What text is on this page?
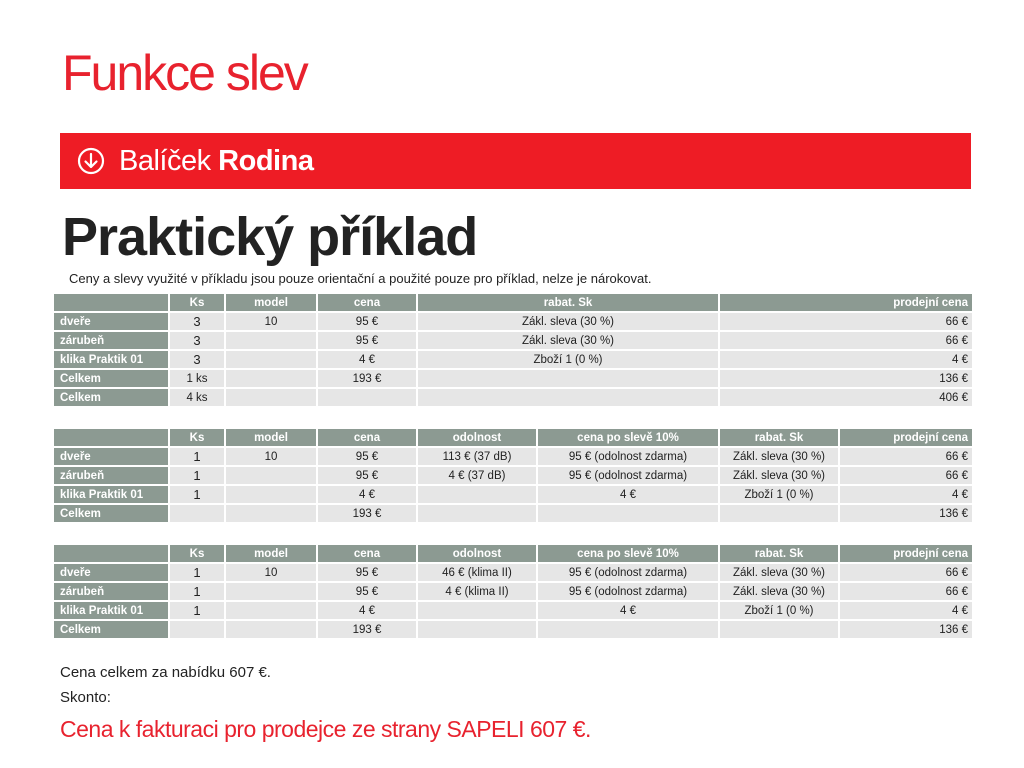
Funkce slev
Balíček Rodina
Praktický příklad
Ceny a slevy využité v příkladu jsou pouze orientační a použité pouze pro příklad, nelze je nárokovat.
	Ks	model	cena	rabat. Sk	prodejní cena
dveře	3	10	95 €	Zákl. sleva (30 %)	66 €
zárubeň	3		95 €	Zákl. sleva (30 %)	66 €
klika Praktik 01	3		4 €	Zboží 1 (0 %)	4 €
Celkem	1 ks		193 €		136 €
Celkem	4 ks				406 €
	Ks	model	cena	odolnost	cena po slevě 10%	rabat. Sk	prodejní cena
dveře	1	10	95 €	113 € (37 dB)	95 € (odolnost zdarma)	Zákl. sleva (30 %)	66 €
zárubeň	1		95 €	4 € (37 dB)	95 € (odolnost zdarma)	Zákl. sleva (30 %)	66 €
klika Praktik 01	1		4 €		4 €	Zboží 1 (0 %)	4 €
Celkem			193 €				136 €
	Ks	model	cena	odolnost	cena po slevě 10%	rabat. Sk	prodejní cena
dveře	1	10	95 €	46 € (klima II)	95 € (odolnost zdarma)	Zákl. sleva (30 %)	66 €
zárubeň	1		95 €	4 € (klima II)	95 € (odolnost zdarma)	Zákl. sleva (30 %)	66 €
klika Praktik 01	1		4 €		4 €	Zboží 1 (0 %)	4 €
Celkem			193 €				136 €
Cena celkem za nabídku 607 €.
Skonto:
Cena k fakturaci pro prodejce ze strany SAPELI 607 €.
